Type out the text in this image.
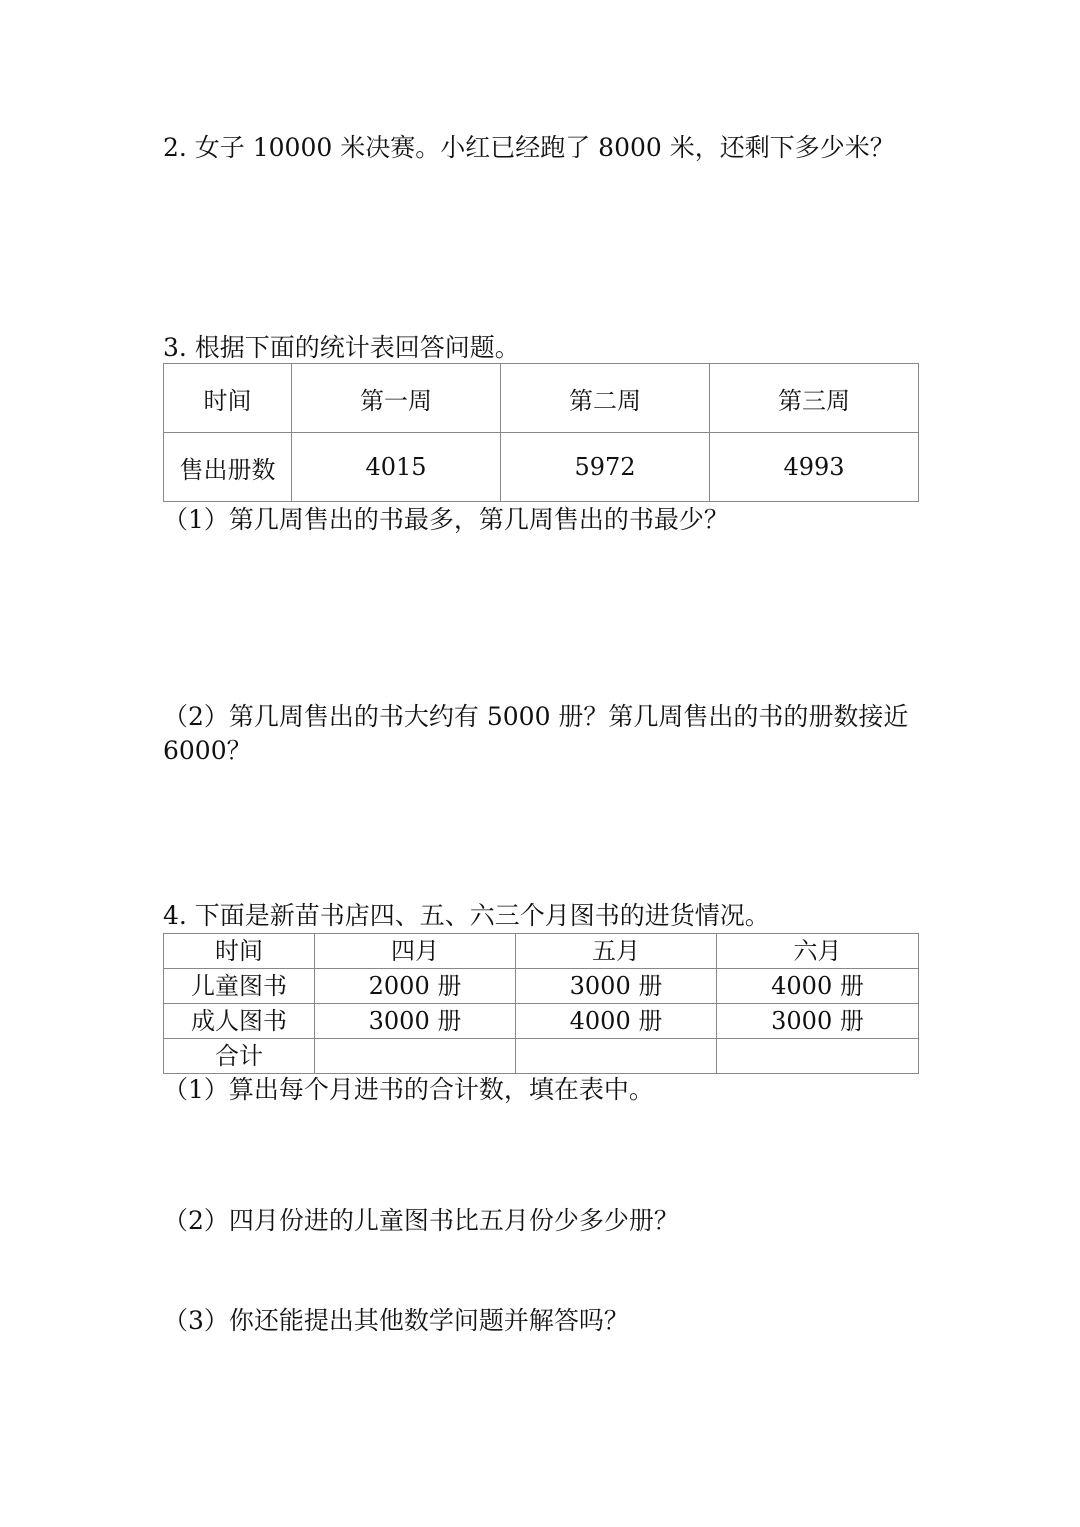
2. 女子 10000 米决赛。小红已经跑了 8000 米，还剩下多少米？
3. 根据下面的统计表回答问题。
时间	第一周	第二周	第三周
售出册数	4015	5972	4993
（1）第几周售出的书最多，第几周售出的书最少？
（2）第几周售出的书大约有 5000 册？第几周售出的书的册数接近
6000？
4. 下面是新苗书店四、五、六三个月图书的进货情况。
时间	四月	五月	六月
儿童图书	2000 册	3000 册	4000 册
成人图书	3000 册	4000 册	3000 册
合计			
（1）算出每个月进书的合计数，填在表中。
（2）四月份进的儿童图书比五月份少多少册？
（3）你还能提出其他数学问题并解答吗？
